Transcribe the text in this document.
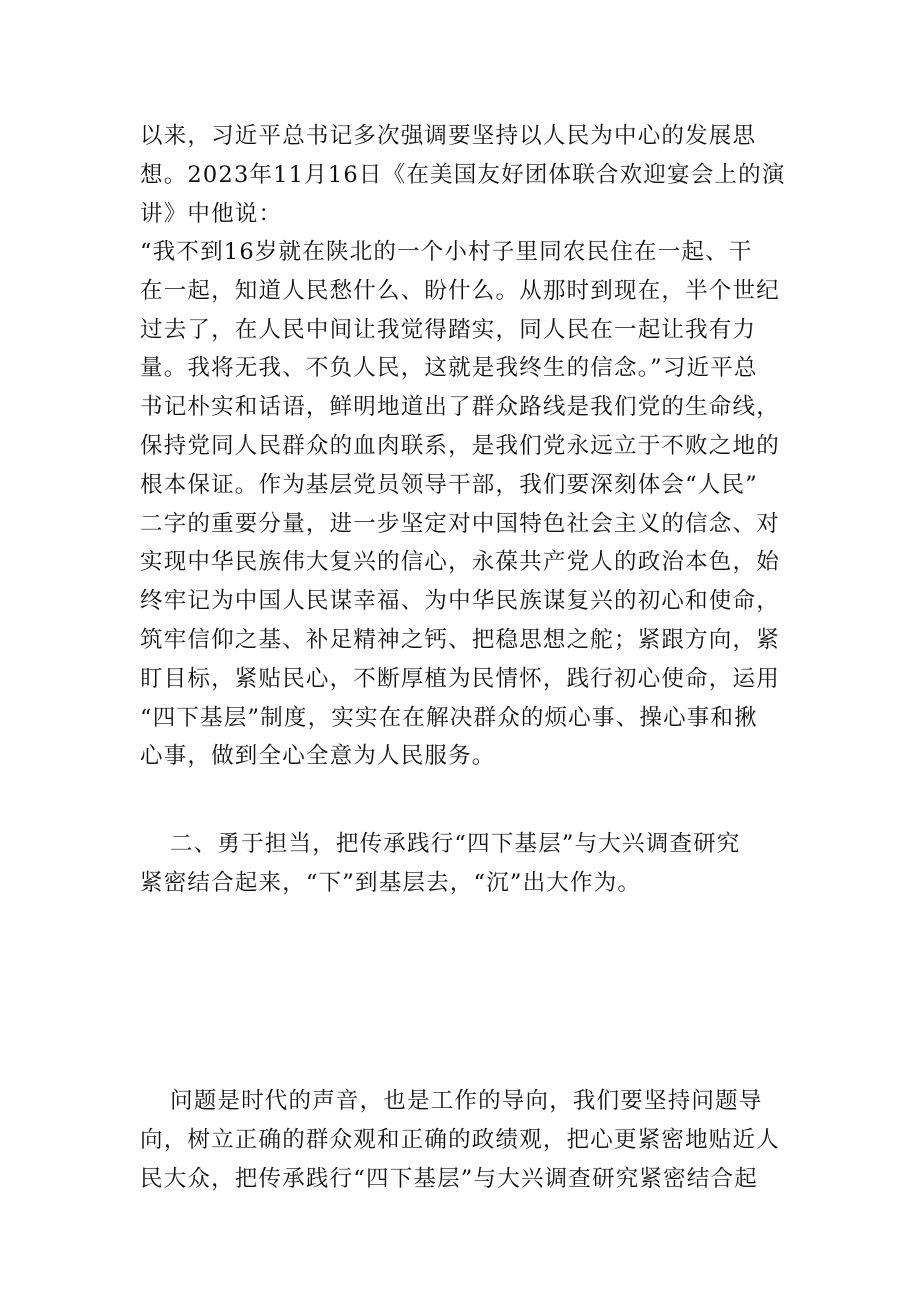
以来，习近平总书记多次强调要坚持以人民为中心的发展思
想。2023年11月16日《在美国友好团体联合欢迎宴会上的演
讲》中他说：
“我不到16岁就在陕北的一个小村子里同农民住在一起、干
在一起，知道人民愁什么、盼什么。从那时到现在，半个世纪
过去了，在人民中间让我觉得踏实，同人民在一起让我有力
量。我将无我、不负人民，这就是我终生的信念。”习近平总
书记朴实和话语，鲜明地道出了群众路线是我们党的生命线，
保持党同人民群众的血肉联系，是我们党永远立于不败之地的
根本保证。作为基层党员领导干部，我们要深刻体会“人民”
二字的重要分量，进一步坚定对中国特色社会主义的信念、对
实现中华民族伟大复兴的信心，永葆共产党人的政治本色，始
终牢记为中国人民谋幸福、为中华民族谋复兴的初心和使命，
筑牢信仰之基、补足精神之钙、把稳思想之舵；紧跟方向，紧
盯目标，紧贴民心，不断厚植为民情怀，践行初心使命，运用
“四下基层”制度，实实在在解决群众的烦心事、操心事和揪
心事，做到全心全意为人民服务。
二、勇于担当，把传承践行“四下基层”与大兴调查研究
紧密结合起来，“下”到基层去，“沉”出大作为。
问题是时代的声音，也是工作的导向，我们要坚持问题导
向，树立正确的群众观和正确的政绩观，把心更紧密地贴近人
民大众，把传承践行“四下基层”与大兴调查研究紧密结合起
